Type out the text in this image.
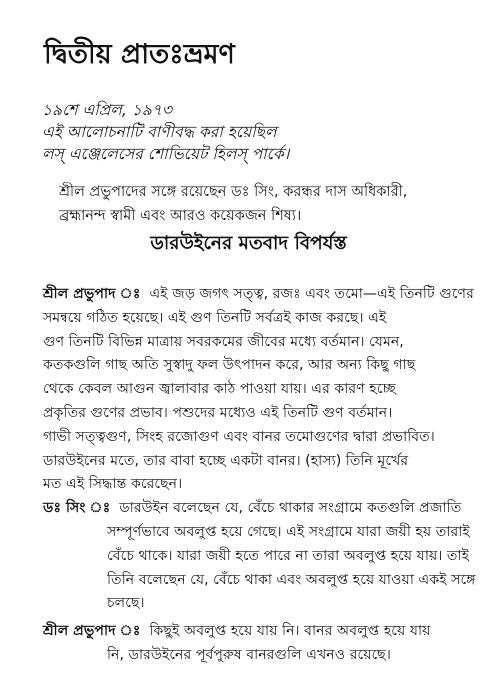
দ্বিতীয় প্রাতঃভ্রমণ
১৯শে এপ্রিল, ১৯৭৩
এই আলোচনাটি বাণীবদ্ধ করা হয়েছিল
লস্ এঞ্জেলেসের শোভিয়েট হিলস্ পার্কে।
শ্রীল প্রভুপাদের সঙ্গে রয়েছেন ডঃ সিং, করন্ধর দাস অধিকারী,
ব্রহ্মানন্দ স্বামী এবং আরও কয়েকজন শিষ্য।
ডারউইনের মতবাদ বিপর্যস্ত
শ্রীল প্রভুপাদ ঃ এই জড় জগৎ সত্ত্ব, রজঃ এবং তমো—এই তিনটি গুণের
সমন্বয়ে গঠিত হয়েছে। এই গুণ তিনটি সর্বত্রই কাজ করছে। এই
গুণ তিনটি বিভিন্ন মাত্রায় সবরকমের জীবের মধ্যে বর্তমান। যেমন,
কতকগুলি গাছ অতি সুস্বাদু ফল উৎপাদন করে, আর অন্য কিছু গাছ
থেকে কেবল আগুন জ্বালাবার কাঠ পাওয়া যায়। এর কারণ হচ্ছে
প্রকৃতির গুণের প্রভাব। পশুদের মধ্যেও এই তিনটি গুণ বর্তমান।
গাভী সত্ত্বগুণ, সিংহ রজোগুণ এবং বানর তমোগুণের দ্বারা প্রভাবিত।
ডারউইনের মতে, তার বাবা হচ্ছে একটা বানর। (হাস্য) তিনি মূর্খের
মত এই সিদ্ধান্ত করেছেন।
ডঃ সিং ঃ ডারউইন বলেছেন যে, বেঁচে থাকার সংগ্রামে কতগুলি প্রজাতি
সম্পূর্ণভাবে অবলুপ্ত হয়ে গেছে। এই সংগ্রামে যারা জয়ী হয় তারাই
বেঁচে থাকে। যারা জয়ী হতে পারে না তারা অবলুপ্ত হয়ে যায়। তাই
তিনি বলেছেন যে, বেঁচে থাকা এবং অবলুপ্ত হয়ে যাওয়া একই সঙ্গে
চলছে।
শ্রীল প্রভুপাদ ঃ কিছুই অবলুপ্ত হয়ে যায় নি। বানর অবলুপ্ত হয়ে যায়
নি, ডারউইনের পূর্বপুরুষ বানরগুলি এখনও রয়েছে।
